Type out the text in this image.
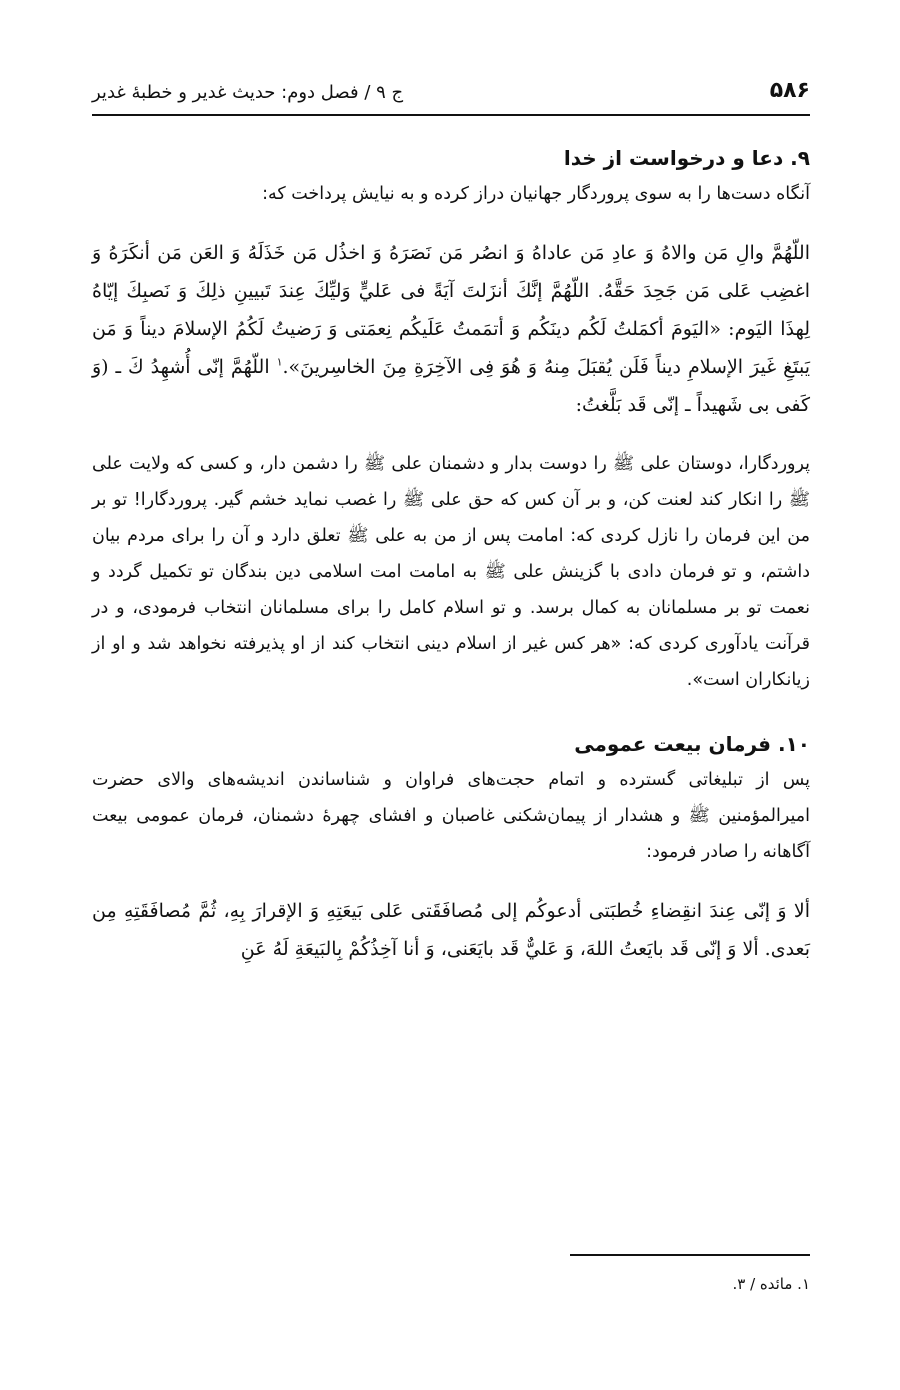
۵۸۶
ج ۹ / فصل دوم: حدیث غدیر و خطبهٔ غدیر
۹. دعا و درخواست از خدا

آنگاه دست‌ها را به سوی پروردگار جهانیان دراز کرده و به نیایش پرداخت که:

اللّهُمَّ والِ مَن والاهُ وَ عادِ مَن عاداهُ وَ انصُر مَن نَصَرَهُ وَ اخذُل مَن خَذَلَهُ وَ العَن مَن أنكَرَهُ وَ اغضِب عَلى مَن جَحِدَ حَقَّهُ. اللّهُمَّ إنَّكَ أنزَلتَ آيَةً فى عَليٍّ وَليِّكَ عِندَ تَبيينِ ذلِكَ وَ نَصبِكَ إيّاهُ لِهذَا اليَوم: «اليَومَ أكمَلتُ لَكُم دينَكُم وَ أتمَمتُ عَلَيكُم نِعمَتى وَ رَضيتُ لَكُمُ الإسلامَ ديناً وَ مَن يَبتَغِ غَيرَ الإسلامِ ديناً فَلَن يُقبَلَ مِنهُ وَ هُوَ فِى الآخِرَةِ مِنَ الخاسِرينَ».$^۱$ اللّهُمَّ إنّى أُشهِدُ كَ ـ (وَ كَفى بى شَهيداً ـ إنّى قَد بَلَّغتُ:

پروردگارا، دوستان علی ﷺ را دوست بدار و دشمنان علی ﷺ را دشمن دار، و کسی که ولایت علی ﷺ را انکار کند لعنت کن، و بر آن کس که حق علی ﷺ را غصب نماید خشم گیر. پروردگارا! تو بر من این فرمان را نازل کردی که: امامت پس از من به علی ﷺ تعلق دارد و آن را برای مردم بیان داشتم، و تو فرمان دادی با گزینش علی ﷺ به امامت امت اسلامی دین بندگان تو تکمیل گردد و نعمت تو بر مسلمانان به کمال برسد. و تو اسلام کامل را برای مسلمانان انتخاب فرمودی، و در قرآنت یادآوری کردی که: «هر کس غیر از اسلام دینی انتخاب کند از او پذیرفته نخواهد شد و او از زیانکاران است».

۱۰. فرمان بیعت عمومی

پس از تبلیغاتی گسترده و اتمام حجت‌های فراوان و شناساندن اندیشه‌های والای حضرت امیرالمؤمنین ﷺ و هشدار از پیمان‌شکنی غاصبان و افشای چهرهٔ دشمنان، فرمان عمومی بیعت آگاهانه را صادر فرمود:

ألا وَ إنّى عِندَ انقِضاءِ خُطبَتى أدعوكُم إلى مُصافَقَتى عَلى بَيعَتِهِ وَ الإقرارَ بِهِ، ثُمَّ مُصافَقَتِهِ مِن بَعدى. ألا وَ إنّى قَد بايَعتُ اللهَ، وَ عَليٌّ قَد بايَعَنى، وَ أنا آخِذُكُمْ بِالبَيعَةِ لَهُ عَنِ

۱. مائده / ۳.
